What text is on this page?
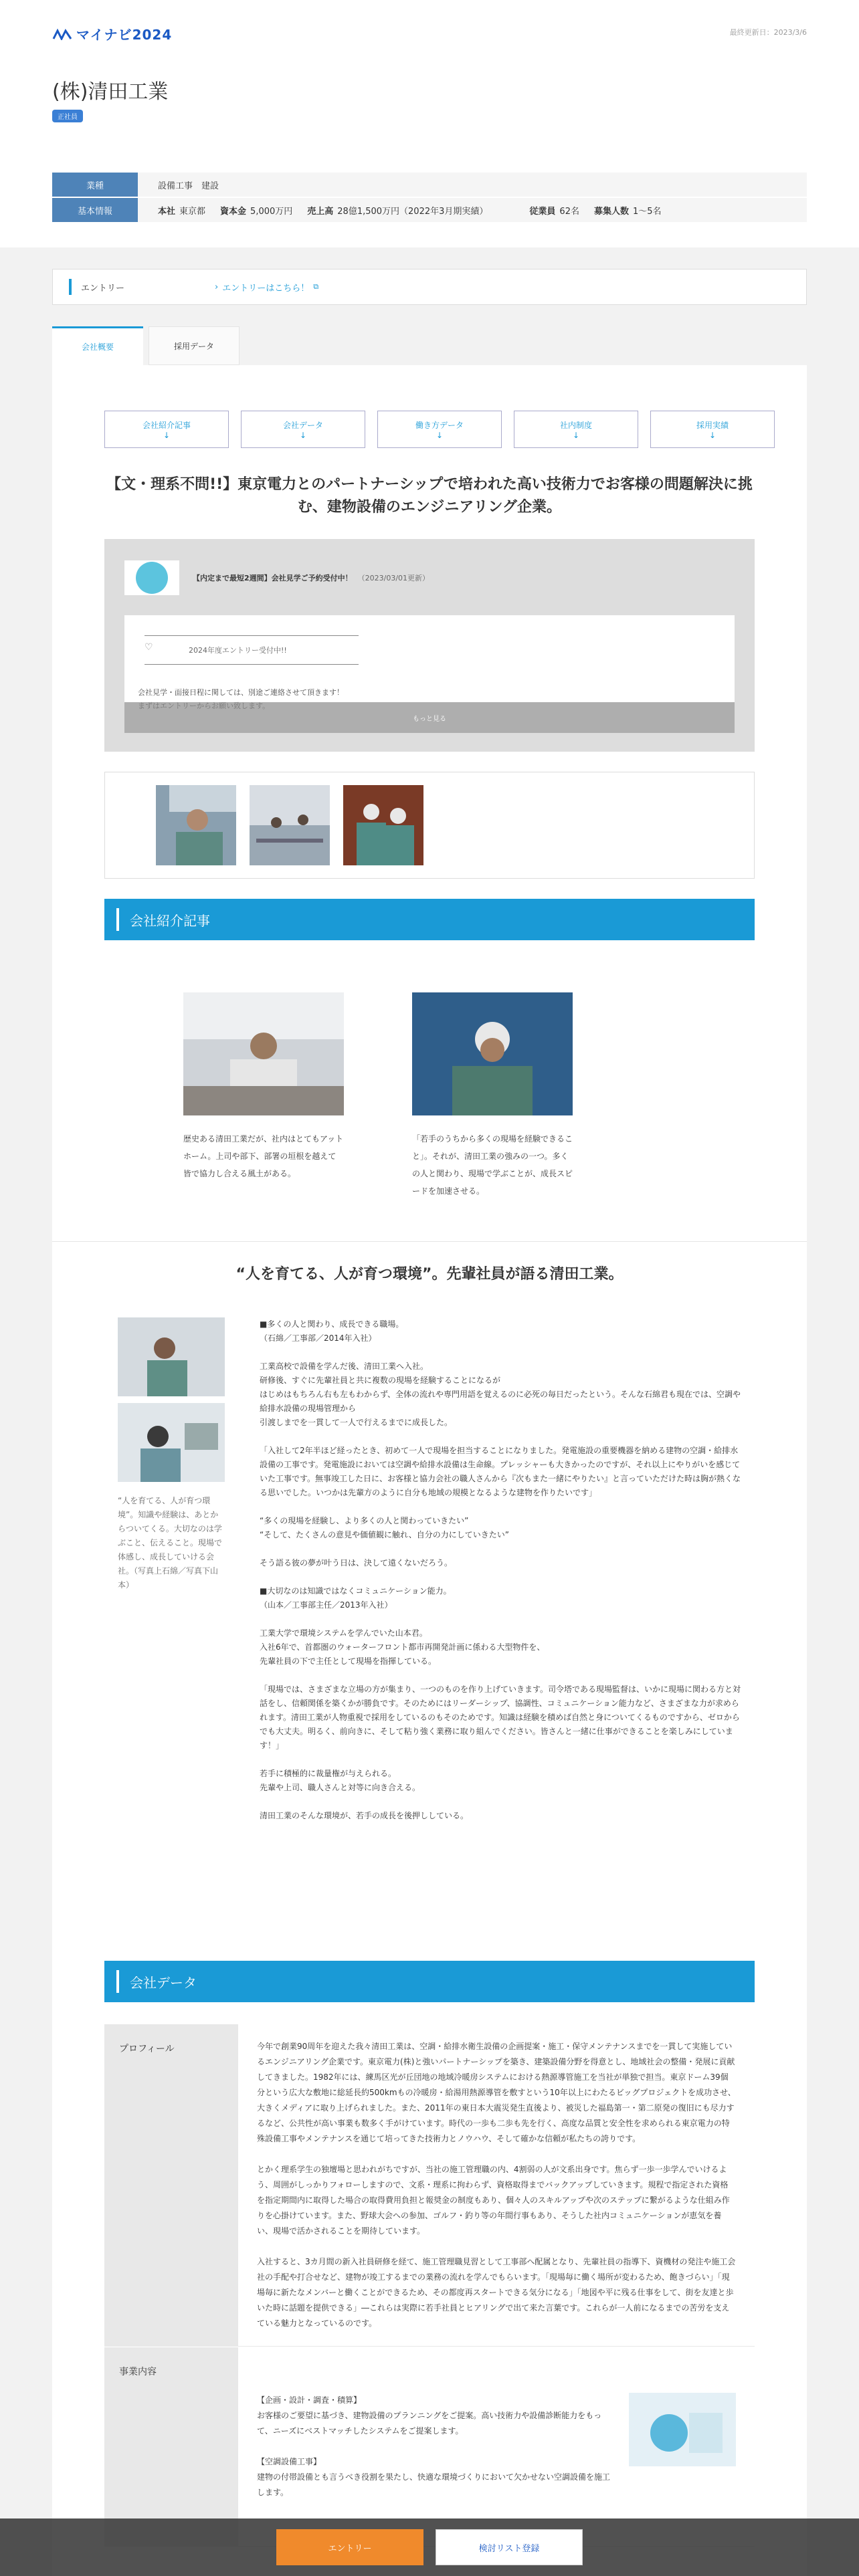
マイナビ2024	最終更新日：2023/3/6
(株)清田工業
正社員
業種	設備工事　建設
基本情報	本社 東京都 資本金 5,000万円 売上高 28億1,500万円（2022年3月期実績）	従業員 62名 募集人数 1〜5名
エントリー	› エントリーはこちら！ ⧉
会社概要	採用データ
会社紹介記事
↓
会社データ
↓
働き方データ
↓
社内制度
↓
採用実績
↓
【文・理系不問!!】東京電力とのパートナーシップで培われた高い技術力でお客様の問題解決に挑む、建物設備のエンジニアリング企業。
【内定まで最短2週間】会社見学ご予約受付中！ （2023/03/01更新）
♡	2024年度エントリー受付中!!
会社見学・面接日程に関しては、別途ご連絡させて頂きます！
もっと見る
会社紹介記事

歴史ある清田工業だが、社内はとてもアットホーム。上司や部下、部署の垣根を越えて皆で協力し合える風土がある。

「若手のうちから多くの現場を経験できること」。それが、清田工業の強みの一つ。多くの人と関わり、現場で学ぶことが、成長スピードを加速させる。

“人を育てる、人が育つ環境”。先輩社員が語る清田工業。

“人を育てる、人が育つ環境”。知識や経験は、あとからついてくる。大切なのは学ぶこと、伝えること。現場で体感し、成長していける会社。（写真上石綿／写真下山本）

■多くの人と関わり、成長できる職場。
（石綿／工事部／2014年入社）

工業高校で設備を学んだ後、清田工業へ入社。
研修後、すぐに先輩社員と共に複数の現場を経験することになるが
はじめはもちろん右も左もわからず、全体の流れや専門用語を覚えるのに必死の毎日だったという。そんな石綿君も現在では、空調や給排水設備の現場管理から
引渡しまでを一貫して一人で行えるまでに成長した。

「入社して2年半ほど経ったとき、初めて一人で現場を担当することになりました。発電施設の重要機器を納める建物の空調・給排水設備の工事です。発電施設においては空調や給排水設備は生命線。プレッシャーも大きかったのですが、それ以上にやりがいを感じていた工事です。無事竣工した日に、お客様と協力会社の職人さんから『次もまた一緒にやりたい』と言っていただけた時は胸が熱くなる思いでした。いつかは先輩方のように自分も地域の規模となるような建物を作りたいです」

“多くの現場を経験し、より多くの人と関わっていきたい”
“そして、たくさんの意見や価値観に触れ、自分の力にしていきたい”

そう語る彼の夢が叶う日は、決して遠くないだろう。

■大切なのは知識ではなくコミュニケーション能力。
（山本／工事部主任／2013年入社）

工業大学で環境システムを学んでいた山本君。
入社6年で、首都圏のウォーターフロント都市再開発計画に係わる大型物件を、
先輩社員の下で主任として現場を指揮している。

「現場では、さまざまな立場の方が集まり、一つのものを作り上げていきます。司令塔である現場監督は、いかに現場に関わる方と対話をし、信頼関係を築くかが勝負です。そのためにはリーダーシップ、協調性、コミュニケーション能力など、さまざまな力が求められます。清田工業が人物重視で採用をしているのもそのためです。知識は経験を積めば自然と身についてくるものですから、ゼロからでも大丈夫。明るく、前向きに、そして粘り強く業務に取り組んでください。皆さんと一緒に仕事ができることを楽しみにしています！」

若手に積極的に裁量権が与えられる。
先輩や上司、職人さんと対等に向き合える。

清田工業のそんな環境が、若手の成長を後押ししている。
会社データ
プロフィール	今年で創業90周年を迎えた我々清田工業は、空調・給排水衛生設備の企画提案・施工・保守メンテナンスまでを一貫して実施しているエンジニアリング企業です。東京電力(株)と強いパートナーシップを築き、建築設備分野を得意とし、地域社会の整備・発展に貢献してきました。1982年には、練馬区光が丘団地の地域冷暖房システムにおける熱源導管施工を当社が単独で担当。東京ドーム39個分という広大な敷地に総延長約500kmもの冷暖房・給湯用熱源導管を敷すという10年以上にわたるビッグプロジェクトを成功させ、大きくメディアに取り上げられました。また、2011年の東日本大震災発生直後より、被災した福島第一・第二原発の復旧にも尽力するなど、公共性が高い事業も数多く手がけています。時代の一歩も二歩も先を行く、高度な品質と安全性を求められる東京電力の特殊設備工事やメンテナンスを通じて培ってきた技術力とノウハウ、そして確かな信頼が私たちの誇りです。

とかく理系学生の独壇場と思われがちですが、当社の施工管理職の内、4割弱の人が文系出身です。焦らず一歩一歩学んでいけるよう、周囲がしっかりフォローしますので、文系・理系に拘わらず、資格取得までバックアップしていきます。規程で指定された資格を指定期間内に取得した場合の取得費用負担と報奨金の制度もあり、個々人のスキルアップや次のステップに繋がるような仕組み作りを心掛けています。また、野球大会への参加、ゴルフ・釣り等の年間行事もあり、そうした社内コミュニケーションが恵気を養い、現場で活かされることを期待しています。

入社すると、3カ月間の新入社員研修を経て、施工管理職見習として工事部へ配属となり、先輩社員の指導下、資機材の発注や施工会社の手配や打合せなど、建物が竣工するまでの業務の流れを学んでもらいます。「現場毎に働く場所が変わるため、飽きづらい」「現場毎に新たなメンバーと働くことができるため、その都度再スタートできる気分になる」「地図や平に残る仕事をして、街を友達と歩いた時に話題を提供できる」―これらは実際に若手社員とヒアリングで出て来た言葉です。これらが一人前になるまでの苦労を支えている魅力となっているのです。
事業内容

【企画・設計・調査・積算】
お客様のご要望に基づき、建物設備のプランニングをご提案。高い技術力や設備診断能力をもって、ニーズにベストマッチしたシステムをご提案します。

【空調設備工事】
建物の付帯設備とも言うべき役割を果たし、快適な環境づくりにおいて欠かせない空調設備を施工します。

エントリー	検討リスト登録
